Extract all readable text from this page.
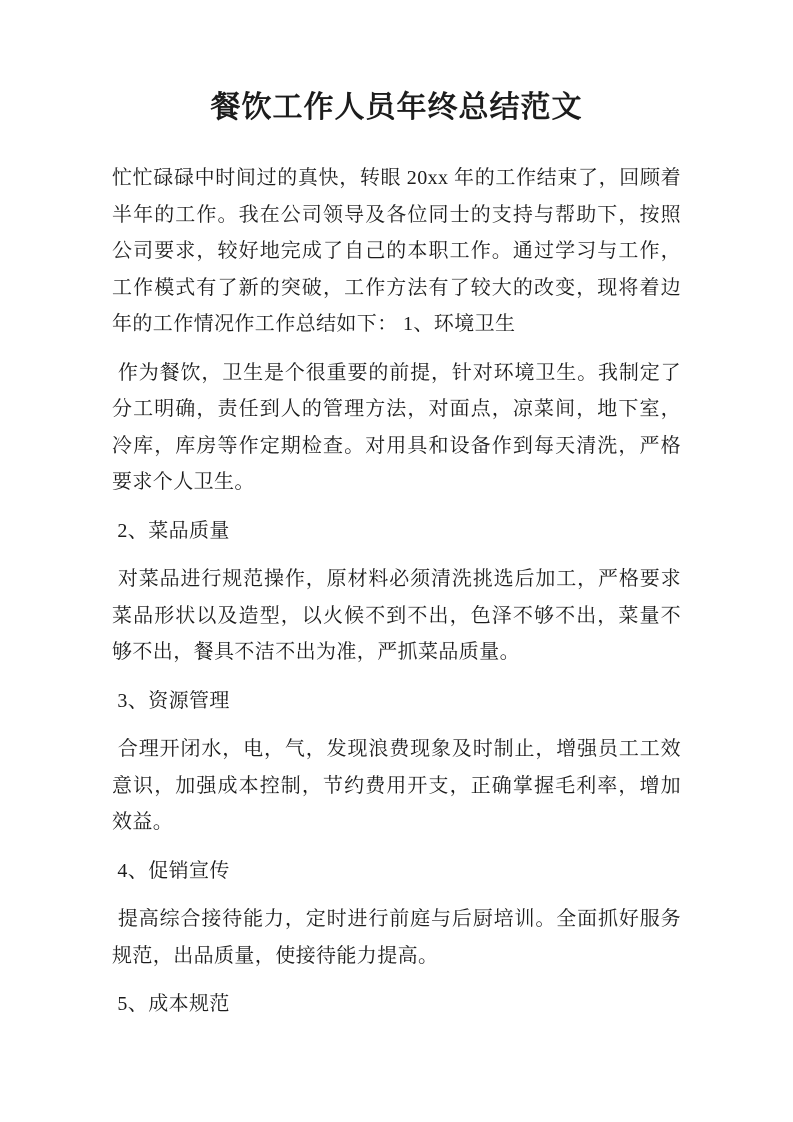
餐饮工作人员年终总结范文

忙忙碌碌中时间过的真快，转眼 20xx 年的工作结束了，回顾着半年的工作。我在公司领导及各位同士的支持与帮助下，按照公司要求，较好地完成了自己的本职工作。通过学习与工作，工作模式有了新的突破，工作方法有了较大的改变，现将着边年的工作情况作工作总结如下： 1、环境卫生

作为餐饮，卫生是个很重要的前提，针对环境卫生。我制定了分工明确，责任到人的管理方法，对面点，凉菜间，地下室，冷库，库房等作定期检查。对用具和设备作到每天清洗，严格要求个人卫生。

2、菜品质量

对菜品进行规范操作，原材料必须清洗挑选后加工，严格要求菜品形状以及造型，以火候不到不出，色泽不够不出，菜量不够不出，餐具不洁不出为准，严抓菜品质量。

3、资源管理

合理开闭水，电，气，发现浪费现象及时制止，增强员工工效意识，加强成本控制，节约费用开支，正确掌握毛利率，增加效益。

4、促销宣传

提高综合接待能力，定时进行前庭与后厨培训。全面抓好服务规范，出品质量，使接待能力提高。

5、成本规范
